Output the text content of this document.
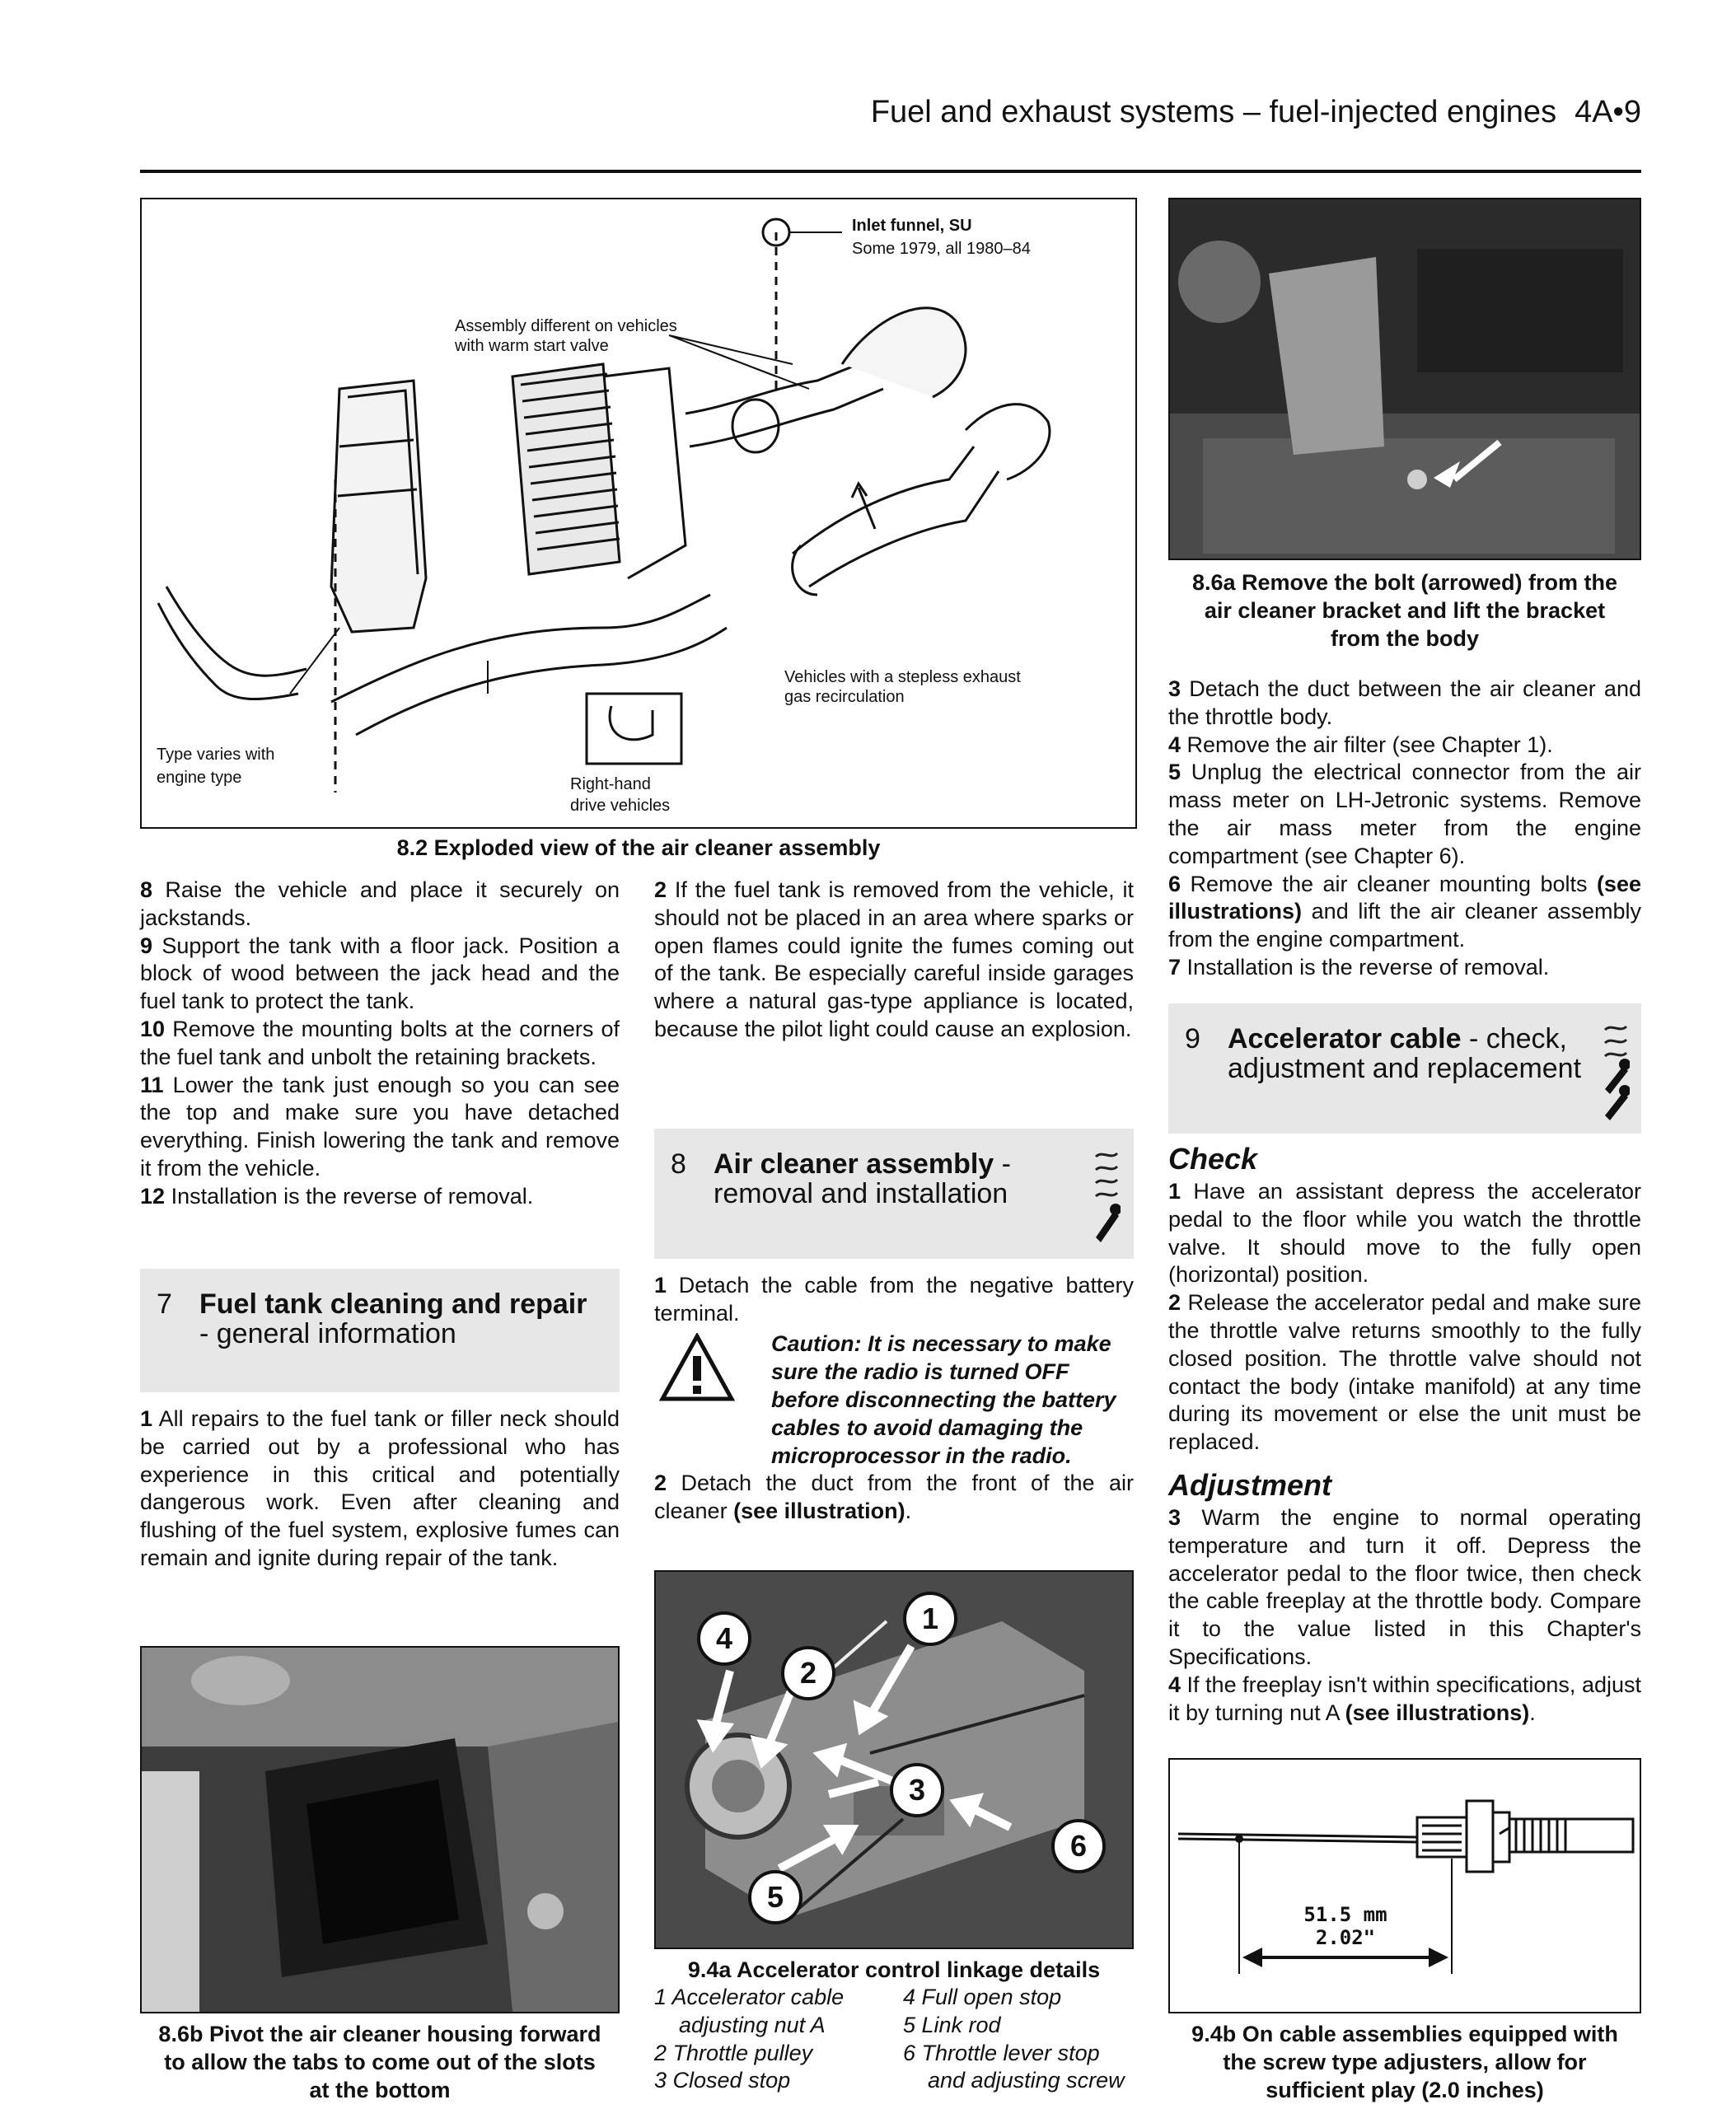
Fuel and exhaust systems – fuel-injected engines 4A•9
Inlet funnel, SU
Some 1979, all 1980–84
Assembly different on vehicles
with warm start valve
Vehicles with a stepless exhaust
gas recirculation
Type varies with
engine type	Right-hand
drive vehicles
8.2 Exploded view of the air cleaner assembly
8.6a Remove the bolt (arrowed) from the
air cleaner bracket and lift the bracket
from the body

8 Raise the vehicle and place it securely on jackstands.

9 Support the tank with a floor jack. Position a block of wood between the jack head and the fuel tank to protect the tank.

10 Remove the mounting bolts at the corners of the fuel tank and unbolt the retaining brackets.

11 Lower the tank just enough so you can see the top and make sure you have detached everything. Finish lowering the tank and remove it from the vehicle.

12 Installation is the reverse of removal.

7 Fuel tank cleaning and repair
- general information

1 All repairs to the fuel tank or filler neck should be carried out by a professional who has experience in this critical and potentially dangerous work. Even after cleaning and flushing of the fuel system, explosive fumes can remain and ignite during repair of the tank.

8.6b Pivot the air cleaner housing forward
to allow the tabs to come out of the slots
at the bottom

2 If the fuel tank is removed from the vehicle, it should not be placed in an area where sparks or open flames could ignite the fumes coming out of the tank. Be especially careful inside garages where a natural gas-type appliance is located, because the pilot light could cause an explosion.

8 Air cleaner assembly -
removal and installation

1 Detach the cable from the negative battery terminal.

Caution: It is necessary to make sure the radio is turned OFF before disconnecting the battery cables to avoid damaging the microprocessor in the radio.

2 Detach the duct from the front of the air cleaner (see illustration).

4
2
1
3
6
5
9.4a Accelerator control linkage details
1 Accelerator cable
adjusting nut A
2 Throttle pulley
3 Closed stop
4 Full open stop
5 Link rod
6 Throttle lever stop
and adjusting screw

3 Detach the duct between the air cleaner and the throttle body.

4 Remove the air filter (see Chapter 1).

5 Unplug the electrical connector from the air mass meter on LH-Jetronic systems. Remove the air mass meter from the engine compartment (see Chapter 6).

6 Remove the air cleaner mounting bolts (see illustrations) and lift the air cleaner assembly from the engine compartment.

7 Installation is the reverse of removal.

9 Accelerator cable - check,
adjustment and replacement
Check

1 Have an assistant depress the accelerator pedal to the floor while you watch the throttle valve. It should move to the fully open (horizontal) position.

2 Release the accelerator pedal and make sure the throttle valve returns smoothly to the fully closed position. The throttle valve should not contact the body (intake manifold) at any time during its movement or else the unit must be replaced.

Adjustment

3 Warm the engine to normal operating temperature and turn it off. Depress the accelerator pedal to the floor twice, then check the cable freeplay at the throttle body. Compare it to the value listed in this Chapter's Specifications.

4 If the freeplay isn't within specifications, adjust it by turning nut A (see illustrations).

51.5 mm
2.02"
9.4b On cable assemblies equipped with
the screw type adjusters, allow for
sufficient play (2.0 inches)
